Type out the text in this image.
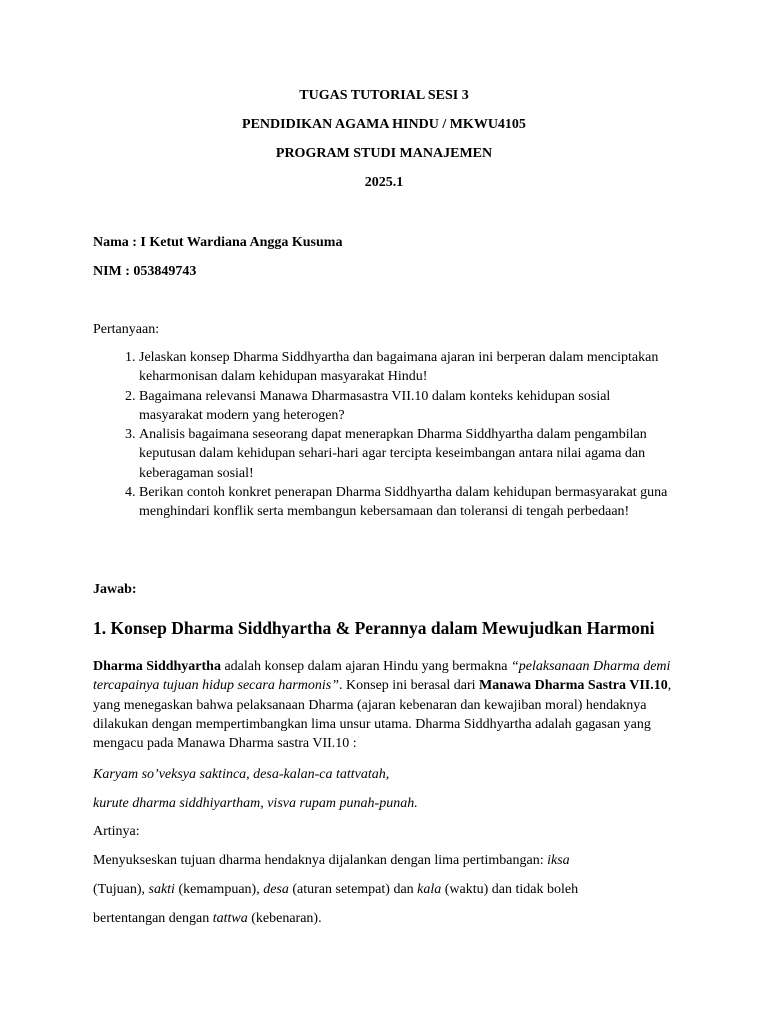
TUGAS TUTORIAL SESI 3
PENDIDIKAN AGAMA HINDU / MKWU4105
PROGRAM STUDI MANAJEMEN
2025.1
Nama : I Ketut Wardiana Angga Kusuma
NIM : 053849743
Pertanyaan:
1. Jelaskan konsep Dharma Siddhyartha dan bagaimana ajaran ini berperan dalam menciptakan keharmonisan dalam kehidupan masyarakat Hindu!
2. Bagaimana relevansi Manawa Dharmasastra VII.10 dalam konteks kehidupan sosial masyarakat modern yang heterogen?
3. Analisis bagaimana seseorang dapat menerapkan Dharma Siddhyartha dalam pengambilan keputusan dalam kehidupan sehari-hari agar tercipta keseimbangan antara nilai agama dan keberagaman sosial!
4. Berikan contoh konkret penerapan Dharma Siddhyartha dalam kehidupan bermasyarakat guna menghindari konflik serta membangun kebersamaan dan toleransi di tengah perbedaan!
Jawab:
1. Konsep Dharma Siddhyartha & Perannya dalam Mewujudkan Harmoni

Dharma Siddhyartha adalah konsep dalam ajaran Hindu yang bermakna “pelaksanaan Dharma demi tercapainya tujuan hidup secara harmonis”. Konsep ini berasal dari Manawa Dharma Sastra VII.10, yang menegaskan bahwa pelaksanaan Dharma (ajaran kebenaran dan kewajiban moral) hendaknya dilakukan dengan mempertimbangkan lima unsur utama. Dharma Siddhyartha adalah gagasan yang mengacu pada Manawa Dharma sastra VII.10 :

Karyam so’veksya saktinca, desa-kalan-ca tattvatah,
kurute dharma siddhiyartham, visva rupam punah-punah.
Artinya:
Menyukseskan tujuan dharma hendaknya dijalankan dengan lima pertimbangan: iksa
(Tujuan), sakti (kemampuan), desa (aturan setempat) dan kala (waktu) dan tidak boleh
bertentangan dengan tattwa (kebenaran).
